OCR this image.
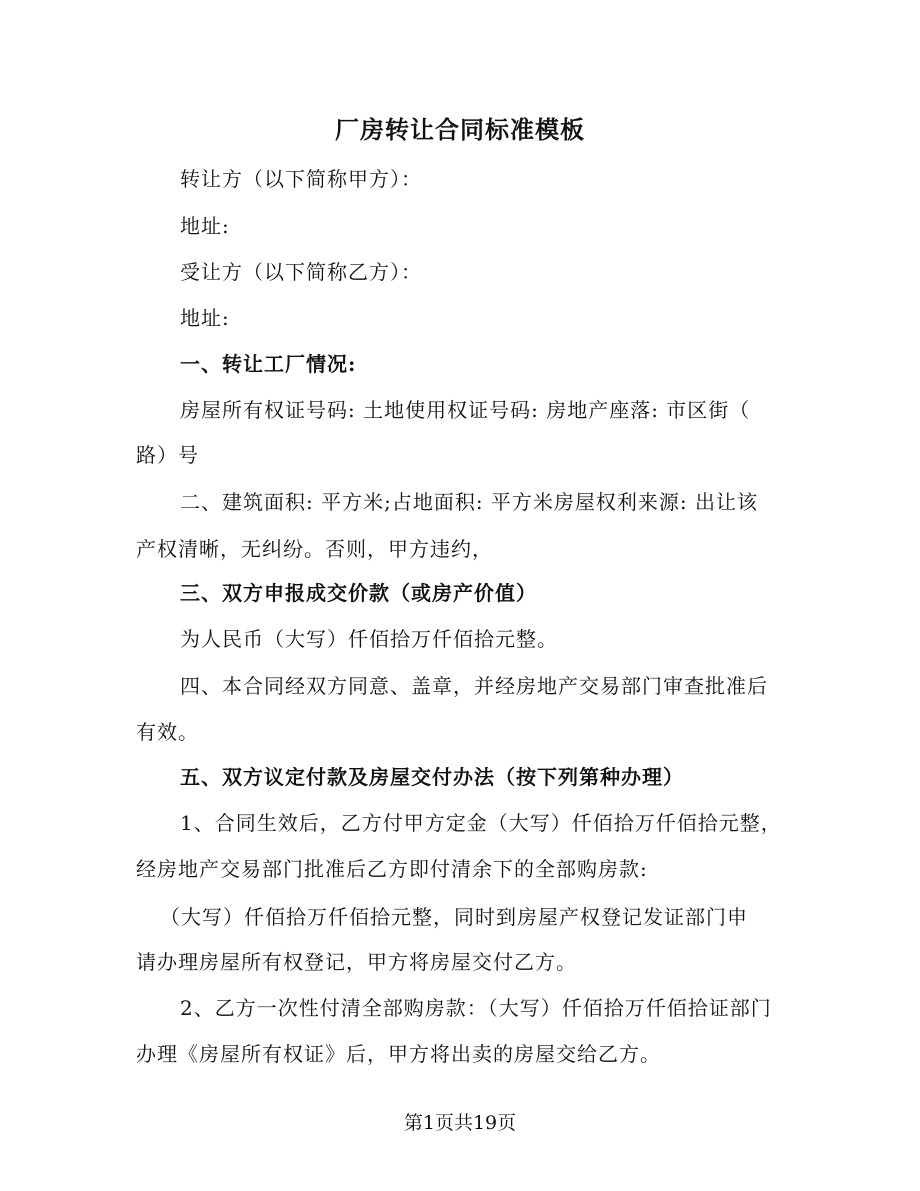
厂房转让合同标准模板
转让方（以下简称甲方）：
地址:
受让方（以下简称乙方）：
地址:
一、转让工厂情况:
房屋所有权证号码: 土地使用权证号码: 房地产座落: 市区街（
路）号
二、建筑面积: 平方米;占地面积: 平方米房屋权利来源: 出让该
产权清晰，无纠纷。否则，甲方违约，
三、双方申报成交价款（或房产价值）
为人民币（大写）仟佰拾万仟佰拾元整。
四、本合同经双方同意、盖章，并经房地产交易部门审查批准后
有效。
五、双方议定付款及房屋交付办法（按下列第种办理）
1、合同生效后，乙方付甲方定金（大写）仟佰拾万仟佰拾元整，
经房地产交易部门批准后乙方即付清余下的全部购房款:
（大写）仟佰拾万仟佰拾元整，同时到房屋产权登记发证部门申
请办理房屋所有权登记，甲方将房屋交付乙方。
2、乙方一次性付清全部购房款：（大写）仟佰拾万仟佰拾证部门
办理《房屋所有权证》后，甲方将出卖的房屋交给乙方。
第1页共19页
